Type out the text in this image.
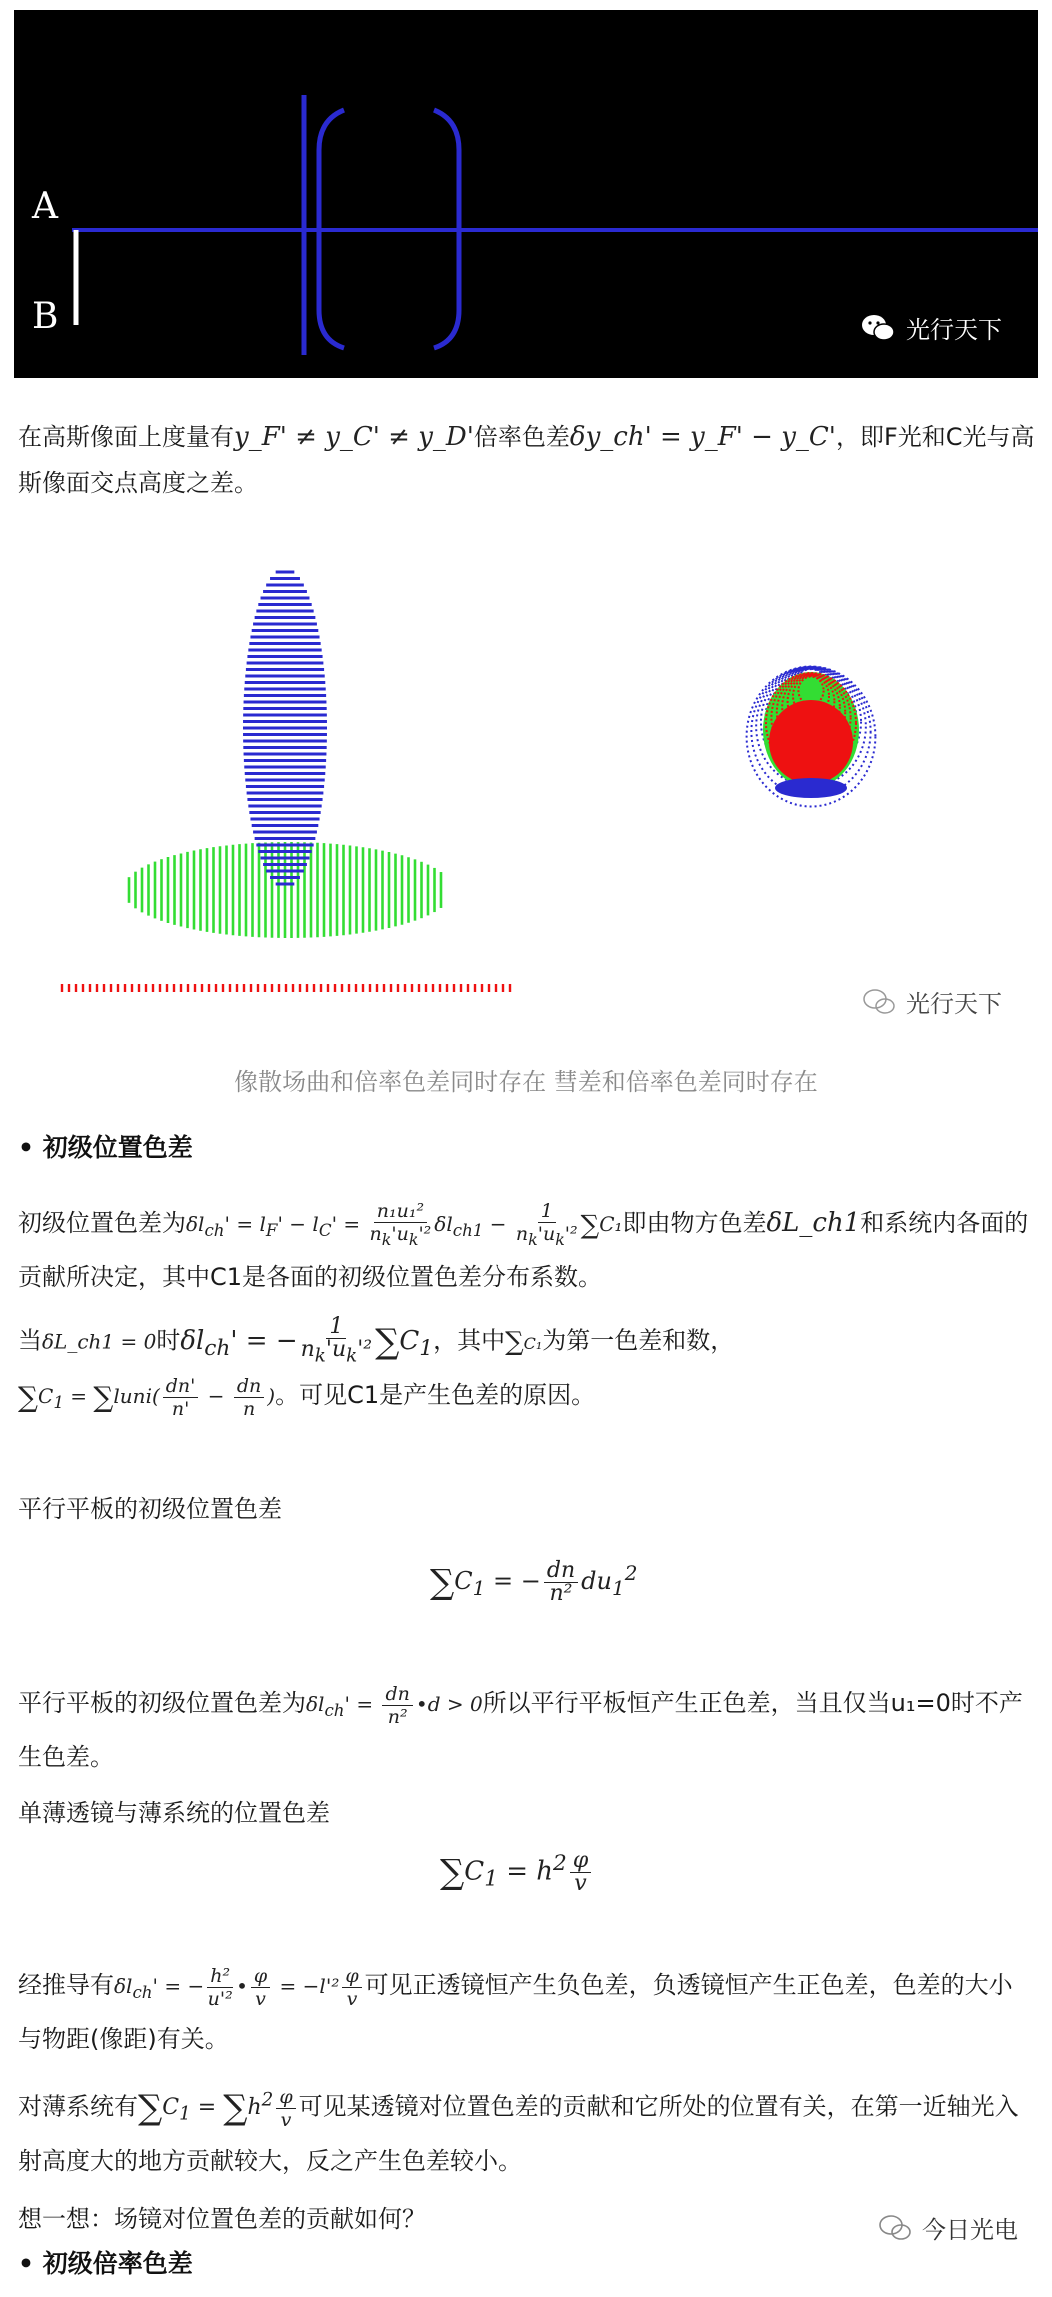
A
B	光行天下
在高斯像面上度量有y_F' ≠ y_C' ≠ y_D'倍率色差δy_ch' = y_F' − y_C'，即F光和C光与高斯像面交点高度之差。
光行天下
像散场曲和倍率色差同时存在 彗差和倍率色差同时存在
• 初级位置色差
初级位置色差为$\delta l_{ch}' = l_F' - l_C' = \frac{\text{n₁u₁²}}{n_k'u_k'^2} \delta l_{ch1} - \frac{1}{n_k'u_k'^2} \sum C_1$即由物方色差δL_ch1和系统内各面的贡献所决定，其中C1是各面的初级位置色差分布系数。
当δL_ch1 = 0时$\delta l_{ch}'$ = − $\frac{1}{n_k'u_k'^2} \sum C_1$，其中∑C₁为第一色差和数，
$\sum C_1$ = ∑luni( $\frac{dn'}{n'} - \frac{dn}{n}$ )。可见C1是产生色差的原因。
平行平板的初级位置色差
$\sum C_1$ = − $\frac{dn}{\text{n²}} du_1^2$
平行平板的初级位置色差为$\delta l_{ch}' = \frac{dn}{\text{n²}}$ •d > 0所以平行平板恒产生正色差，当且仅当u₁=0时不产生色差。
单薄透镜与薄系统的位置色差
$\sum C_1 = h^2 \frac{\varphi}{v}$
经推导有$\delta l_{ch}'$ = − $\frac{\text{h²}}{\text{u'²}}$ • $\frac{\varphi}{v} = -l'^2 \frac{\varphi}{v}$ 可见正透镜恒产生负色差，负透镜恒产生正色差，色差的大小与物距(像距)有关。
对薄系统有$\sum C_1 = \sum h^2 \frac{\varphi}{v}$ 可见某透镜对位置色差的贡献和它所处的位置有关，在第一近轴光入射高度大的地方贡献较大，反之产生色差较小。
想一想：场镜对位置色差的贡献如何？
• 初级倍率色差
今日光电
